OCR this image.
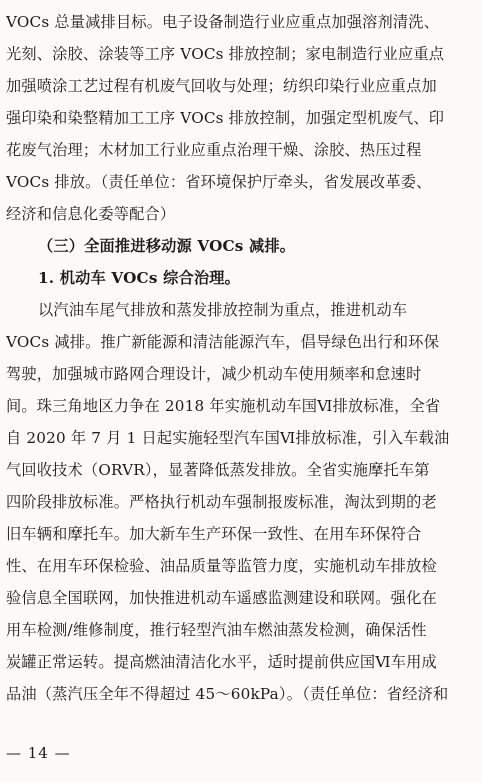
VOCs 总量减排目标。电子设备制造行业应重点加强溶剂清洗、
光刻、涂胶、涂装等工序 VOCs 排放控制；家电制造行业应重点
加强喷涂工艺过程有机废气回收与处理；纺织印染行业应重点加
强印染和染整精加工工序 VOCs 排放控制，加强定型机废气、印
花废气治理；木材加工行业应重点治理干燥、涂胶、热压过程
VOCs 排放。（责任单位：省环境保护厅牵头，省发展改革委、
经济和信息化委等配合）
（三）全面推进移动源 VOCs 减排。
1. 机动车 VOCs 综合治理。
以汽油车尾气排放和蒸发排放控制为重点，推进机动车
VOCs 减排。推广新能源和清洁能源汽车，倡导绿色出行和环保
驾驶，加强城市路网合理设计，减少机动车使用频率和怠速时
间。珠三角地区力争在 2018 年实施机动车国Ⅵ排放标准，全省
自 2020 年 7 月 1 日起实施轻型汽车国Ⅵ排放标准，引入车载油
气回收技术（ORVR），显著降低蒸发排放。全省实施摩托车第
四阶段排放标准。严格执行机动车强制报废标准，淘汰到期的老
旧车辆和摩托车。加大新车生产环保一致性、在用车环保符合
性、在用车环保检验、油品质量等监管力度，实施机动车排放检
验信息全国联网，加快推进机动车遥感监测建设和联网。强化在
用车检测/维修制度，推行轻型汽油车燃油蒸发检测，确保活性
炭罐正常运转。提高燃油清洁化水平，适时提前供应国Ⅵ车用成
品油（蒸汽压全年不得超过 45～60kPa）。（责任单位：省经济和
— 14 —
